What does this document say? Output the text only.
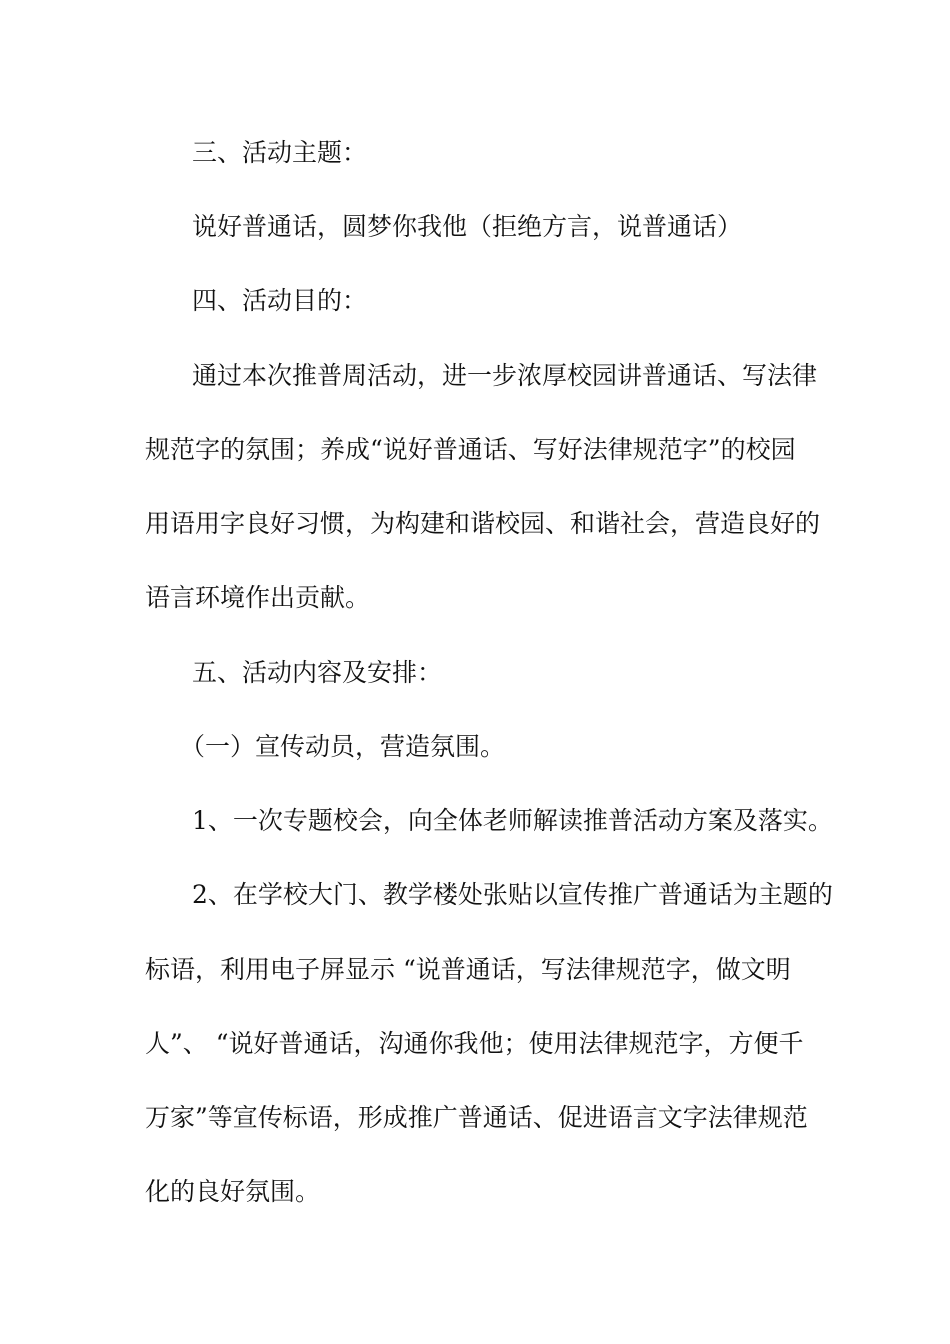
三、活动主题：
说好普通话，圆梦你我他（拒绝方言，说普通话）
四、活动目的：
通过本次推普周活动，进一步浓厚校园讲普通话、写法律
规范字的氛围；养成“说好普通话、写好法律规范字”的校园
用语用字良好习惯，为构建和谐校园、和谐社会，营造良好的
语言环境作出贡献。
五、活动内容及安排：
（一）宣传动员，营造氛围。
1、一次专题校会，向全体老师解读推普活动方案及落实。
2、在学校大门、教学楼处张贴以宣传推广普通话为主题的
标语，利用电子屏显示 “说普通话，写法律规范字，做文明
人”、 “说好普通话，沟通你我他；使用法律规范字，方便千
万家”等宣传标语，形成推广普通话、促进语言文字法律规范
化的良好氛围。
